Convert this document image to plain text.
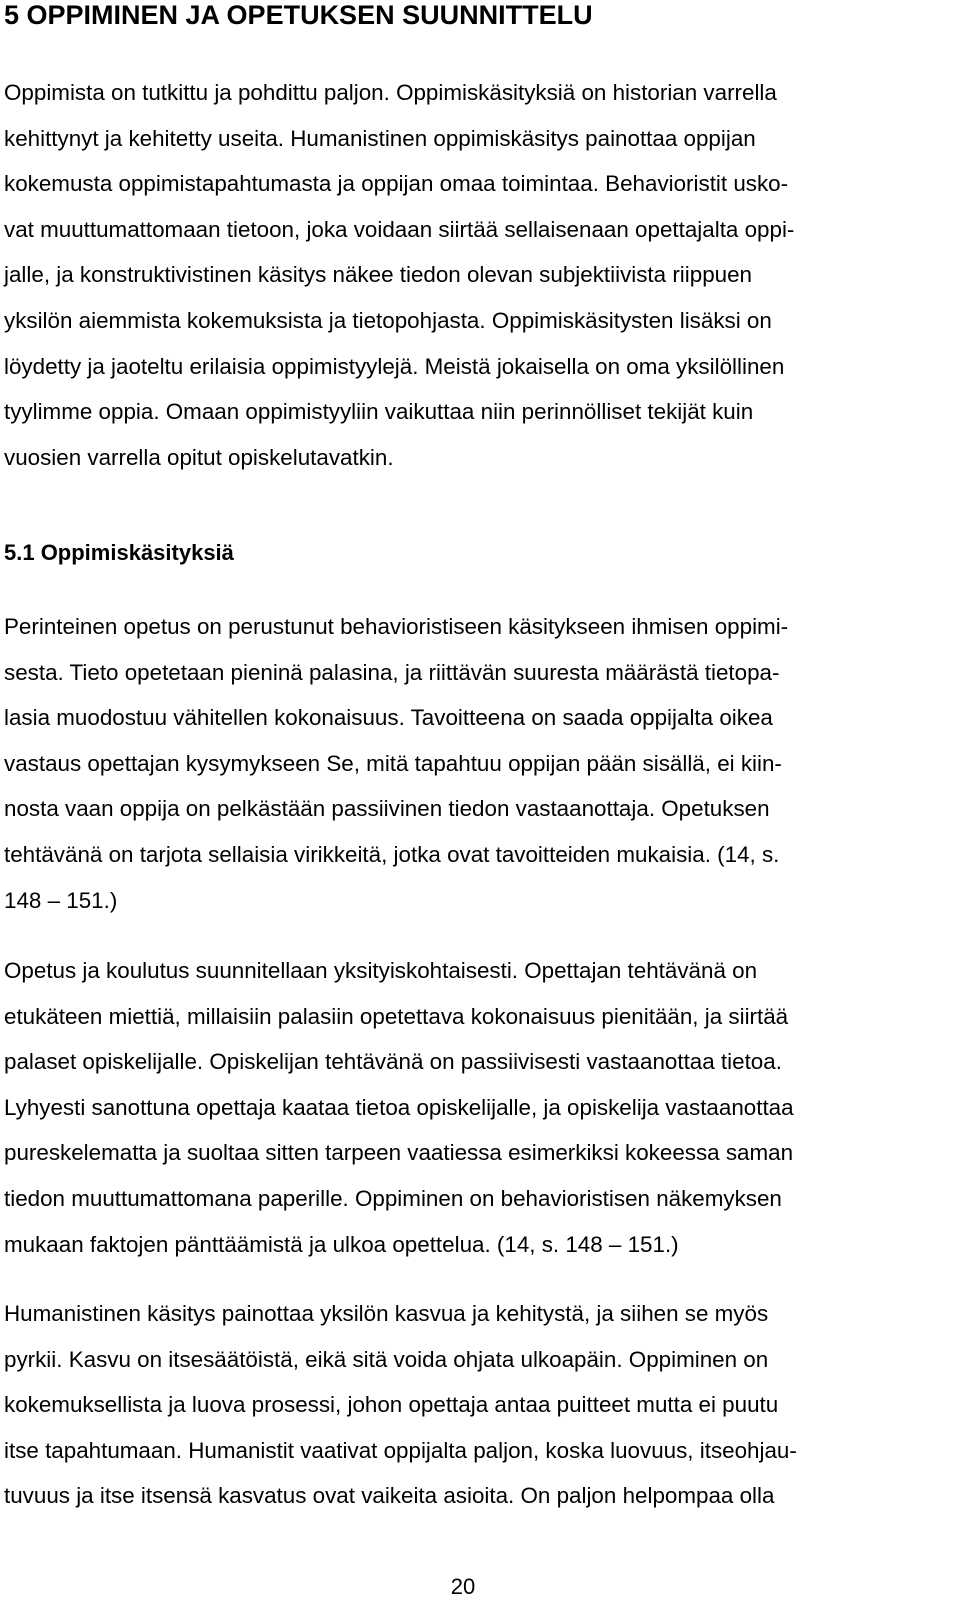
5 OPPIMINEN JA OPETUKSEN SUUNNITTELU
Oppimista on tutkittu ja pohdittu paljon. Oppimiskäsityksiä on historian varrella
kehittynyt ja kehitetty useita. Humanistinen oppimiskäsitys painottaa oppijan
kokemusta oppimistapahtumasta ja oppijan omaa toimintaa. Behavioristit usko-
vat muuttumattomaan tietoon, joka voidaan siirtää sellaisenaan opettajalta oppi-
jalle, ja konstruktivistinen käsitys näkee tiedon olevan subjektiivista riippuen
yksilön aiemmista kokemuksista ja tietopohjasta. Oppimiskäsitysten lisäksi on
löydetty ja jaoteltu erilaisia oppimistyylejä. Meistä jokaisella on oma yksilöllinen
tyylimme oppia. Omaan oppimistyyliin vaikuttaa niin perinnölliset tekijät kuin
vuosien varrella opitut opiskelutavatkin.
5.1 Oppimiskäsityksiä
Perinteinen opetus on perustunut behavioristiseen käsitykseen ihmisen oppimi-
sesta. Tieto opetetaan pieninä palasina, ja riittävän suuresta määrästä tietopa-
lasia muodostuu vähitellen kokonaisuus. Tavoitteena on saada oppijalta oikea
vastaus opettajan kysymykseen Se, mitä tapahtuu oppijan pään sisällä, ei kiin-
nosta vaan oppija on pelkästään passiivinen tiedon vastaanottaja. Opetuksen
tehtävänä on tarjota sellaisia virikkeitä, jotka ovat tavoitteiden mukaisia. (14, s.
148 – 151.)
Opetus ja koulutus suunnitellaan yksityiskohtaisesti. Opettajan tehtävänä on
etukäteen miettiä, millaisiin palasiin opetettava kokonaisuus pienitään, ja siirtää
palaset opiskelijalle. Opiskelijan tehtävänä on passiivisesti vastaanottaa tietoa.
Lyhyesti sanottuna opettaja kaataa tietoa opiskelijalle, ja opiskelija vastaanottaa
pureskelematta ja suoltaa sitten tarpeen vaatiessa esimerkiksi kokeessa saman
tiedon muuttumattomana paperille. Oppiminen on behavioristisen näkemyksen
mukaan faktojen pänttäämistä ja ulkoa opettelua. (14, s. 148 – 151.)
Humanistinen käsitys painottaa yksilön kasvua ja kehitystä, ja siihen se myös
pyrkii. Kasvu on itsesäätöistä, eikä sitä voida ohjata ulkoapäin. Oppiminen on
kokemuksellista ja luova prosessi, johon opettaja antaa puitteet mutta ei puutu
itse tapahtumaan. Humanistit vaativat oppijalta paljon, koska luovuus, itseohjau-
tuvuus ja itse itsensä kasvatus ovat vaikeita asioita. On paljon helpompaa olla
20
